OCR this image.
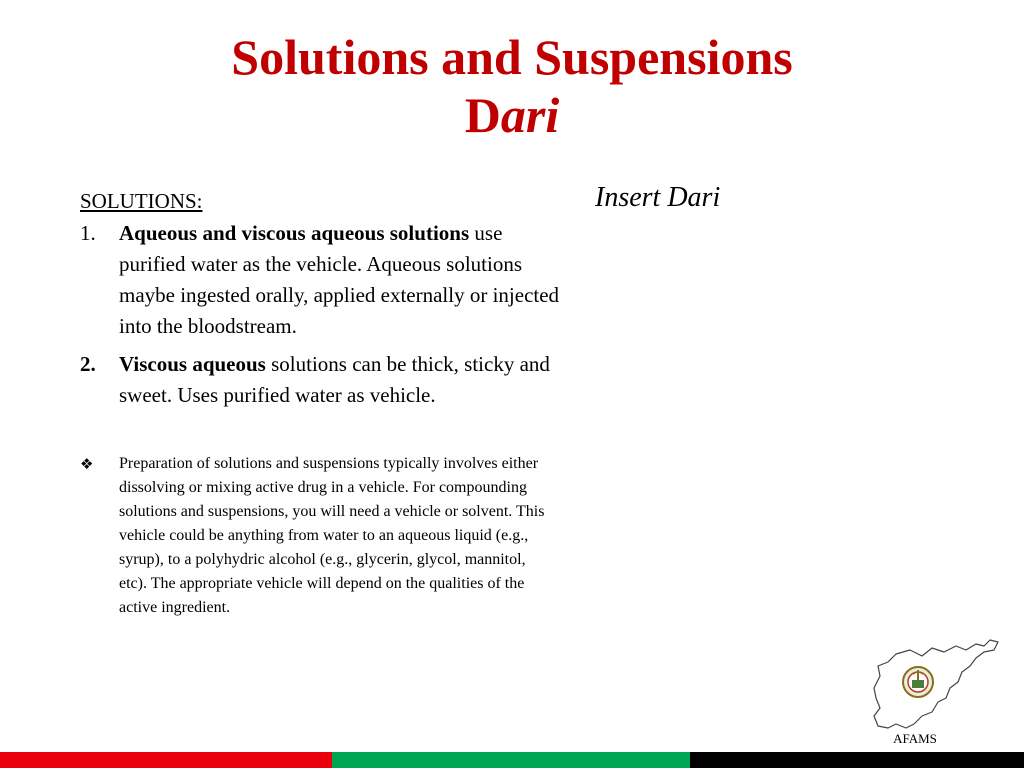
Solutions and Suspensions
Dari
SOLUTIONS:
1. Aqueous and viscous aqueous solutions use purified water as the vehicle. Aqueous solutions maybe ingested orally, applied externally or injected into the bloodstream.
2. Viscous aqueous solutions can be thick, sticky and sweet. Uses purified water as vehicle.
❖ Preparation of solutions and suspensions typically involves either dissolving or mixing active drug in a vehicle. For compounding solutions and suspensions, you will need a vehicle or solvent. This vehicle could be anything from water to an aqueous liquid (e.g., syrup), to a polyhydric alcohol (e.g., glycerin, glycol, mannitol, etc). The appropriate vehicle will depend on the qualities of the active ingredient.
Insert Dari
AFAMS
